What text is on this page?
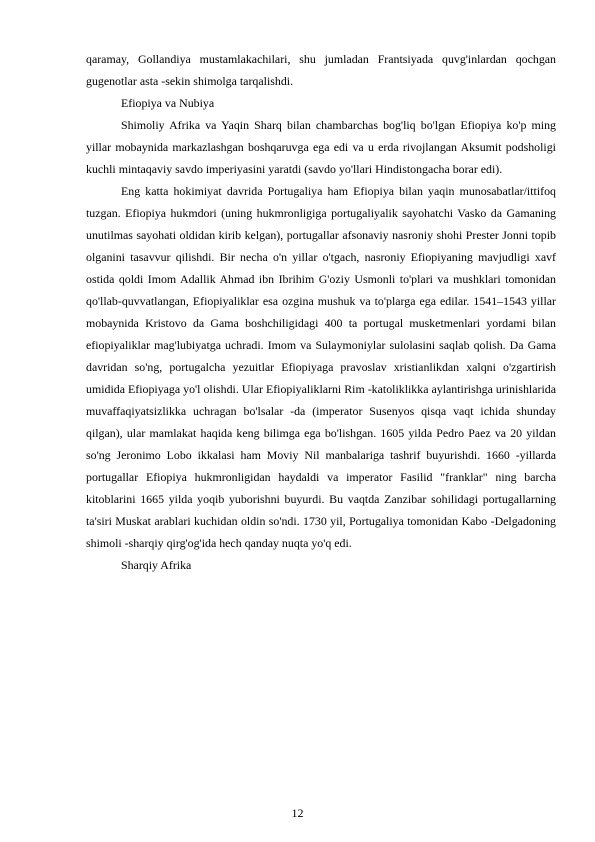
qaramay, Gollandiya mustamlakachilari, shu jumladan Frantsiyada quvg'inlardan qochgan gugenotlar asta -sekin shimolga tarqalishdi.

Efiopiya va Nubiya

Shimoliy Afrika va Yaqin Sharq bilan chambarchas bog'liq bo'lgan Efiopiya ko'p ming yillar mobaynida markazlashgan boshqaruvga ega edi va u erda rivojlangan Aksumit podsholigi kuchli mintaqaviy savdo imperiyasini yaratdi (savdo yo'llari Hindistongacha borar edi).

Eng katta hokimiyat davrida Portugaliya ham Efiopiya bilan yaqin munosabatlar/ittifoq tuzgan. Efiopiya hukmdori (uning hukmronligiga portugaliyalik sayohatchi Vasko da Gamaning unutilmas sayohati oldidan kirib kelgan), portugallar afsonaviy nasroniy shohi Prester Jonni topib olganini tasavvur qilishdi. Bir necha o'n yillar o'tgach, nasroniy Efiopiyaning mavjudligi xavf ostida qoldi Imom Adallik Ahmad ibn Ibrihim G'oziy Usmonli to'plari va mushklari tomonidan qo'llab-quvvatlangan, Efiopiyaliklar esa ozgina mushuk va to'plarga ega edilar. 1541–1543 yillar mobaynida Kristovo da Gama boshchiligidagi 400 ta portugal musketmenlari yordami bilan efiopiyaliklar mag'lubiyatga uchradi. Imom va Sulaymoniylar sulolasini saqlab qolish. Da Gama davridan so'ng, portugalcha yezuitlar Efiopiyaga pravoslav xristianlikdan xalqni o'zgartirish umidida Efiopiyaga yo'l olishdi. Ular Efiopiyaliklarni Rim -katoliklikka aylantirishga urinishlarida muvaffaqiyatsizlikka uchragan bo'lsalar -da (imperator Susenyos qisqa vaqt ichida shunday qilgan), ular mamlakat haqida keng bilimga ega bo'lishgan. 1605 yilda Pedro Paez va 20 yildan so'ng Jeronimo Lobo ikkalasi ham Moviy Nil manbalariga tashrif buyurishdi. 1660 -yillarda portugallar Efiopiya hukmronligidan haydaldi va imperator Fasilid "franklar" ning barcha kitoblarini 1665 yilda yoqib yuborishni buyurdi. Bu vaqtda Zanzibar sohilidagi portugallarning ta'siri Muskat arablari kuchidan oldin so'ndi. 1730 yil, Portugaliya tomonidan Kabo -Delgadoning shimoli -sharqiy qirg'og'ida hech qanday nuqta yo'q edi.

Sharqiy Afrika

12
